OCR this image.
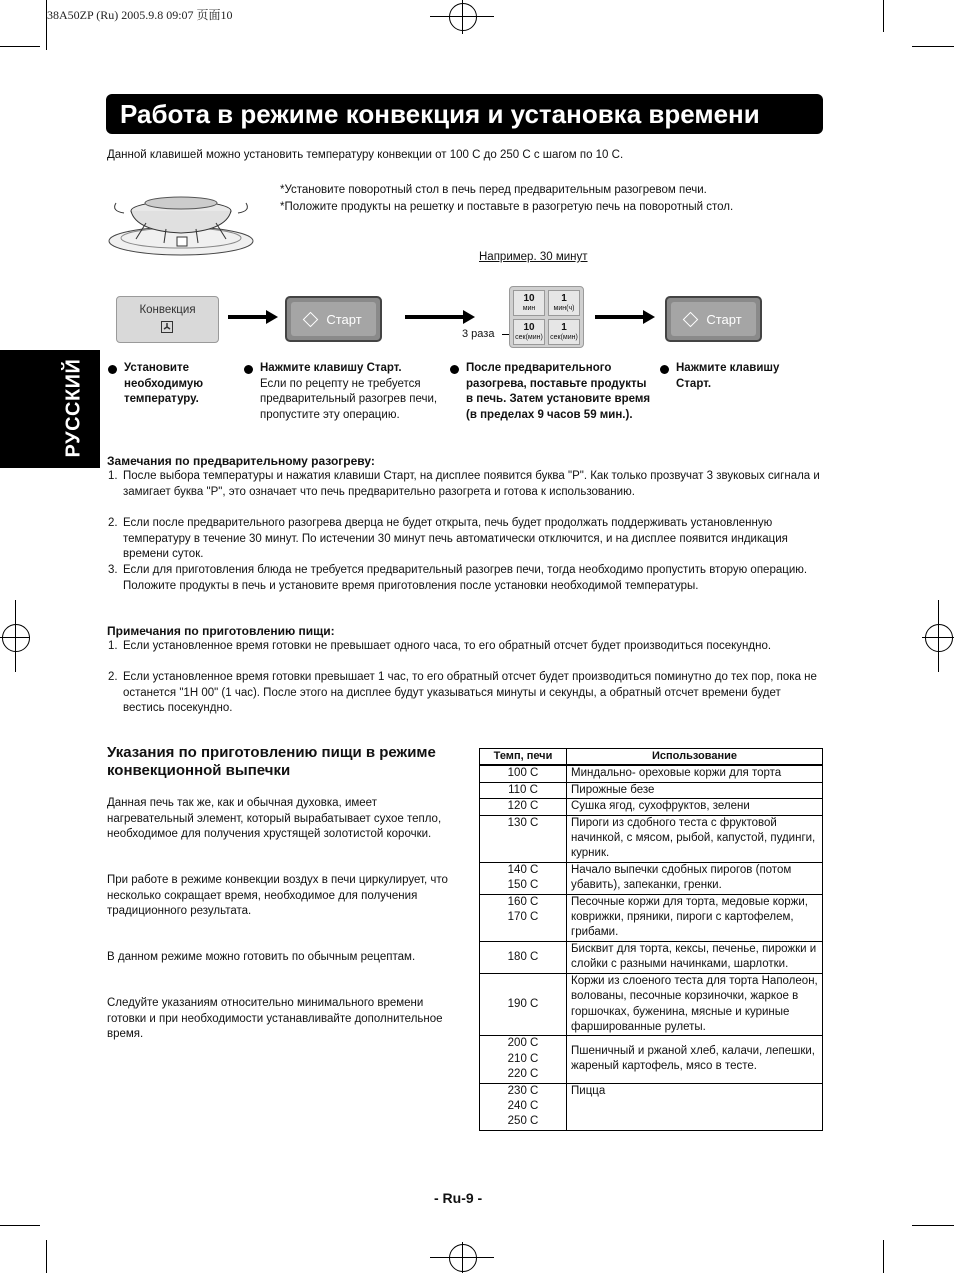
38A50ZP (Ru) 2005.9.8 09:07 页面10
Работа в режиме конвекция и установка времени
Данной клавишей можно установить температуру конвекции от 100 С до 250 С с шагом по 10 С.
*Установите поворотный стол в печь перед предварительным разогревом печи.
*Положите продукты на решетку и поставьте в разогретую печь на поворотный стол.
Например. 30 минут
РУССКИЙ
Конвекция
Старт
3 раза
10
мин
1
мин(ч)
10
сек(мин)
1
сек(мин)
Старт
Установите необходимую температуру.
Нажмите клавишу Старт.
Если по рецепту не требуется предварительный разогрев печи, пропустите эту операцию.
После предварительного разогрева, поставьте продукты в печь. Затем установите время (в пределах 9 часов 59 мин.).
Нажмите клавишу Старт.
Замечания по предварительному разогреву:
1. После выбора температуры и нажатия клавиши Старт, на дисплее появится буква "P". Как только прозвучат 3 звуковых сигнала и замигает буква "P", это означает что печь предварительно разогрета и готова к использованию.
2. Если после предварительного разогрева дверца не будет открыта, печь будет продолжать поддерживать установленную температуру в течение 30 минут. По истечении 30 минут печь автоматически отключится, и на дисплее появится индикация времени суток.
3. Если для приготовления блюда не требуется предварительный разогрев печи, тогда необходимо пропустить вторую операцию. Положите продукты в печь и установите время приготовления после установки необходимой температуры.
Примечания по приготовлению пищи:
1. Если установленное время готовки не превышает одного часа, то его обратный отсчет будет производиться посекундно.
2. Если установленное время готовки превышает 1 час, то его обратный отсчет будет производиться поминутно до тех пор, пока не останется "1Н 00" (1 час). После этого на дисплее будут указываться минуты и секунды, а обратный отсчет времени будет вестись посекундно.
Указания по приготовлению пищи в режиме конвекционной выпечки
Данная печь так же, как и обычная духовка, имеет нагревательный элемент, который вырабатывает сухое тепло, необходимое для получения хрустящей золотистой корочки.
При работе в режиме конвекции воздух в печи циркулирует, что несколько сокращает время, необходимое для получения традиционного результата.
В данном режиме можно готовить по обычным рецептам.
Следуйте указаниям относительно минимального времени готовки и при необходимости устанавливайте дополнительное время.
Темп, печи	Использование
100 С	Миндально- ореховые коржи для торта
110 С	Пирожные безе
120 С	Сушка ягод, сухофруктов, зелени
130 С	Пироги из сдобного теста с фруктовой начинкой, с мясом, рыбой, капустой, пудинги, курник.

140 С
150 С	Начало выпечки сдобных пирогов (потом убавить), запеканки, гренки.

160 С
170 С	Песочные коржи для торта, медовые коржи, коврижки, пряники, пироги с картофелем, грибами.
180 С	Бисквит для торта, кексы, печенье, пирожки и слойки с разными начинками, шарлотки.
190 С	Коржи из слоеного теста для торта Наполеон, волованы, песочные корзиночки, жаркое в горшочках, буженина, мясные и куриные фаршированные рулеты.

200 С
210 С
220 С	Пшеничный и ржаной хлеб, калачи, лепешки, жареный картофель, мясо в тесте.

230 С
240 С
250 С	Пицца
- Ru-9 -
